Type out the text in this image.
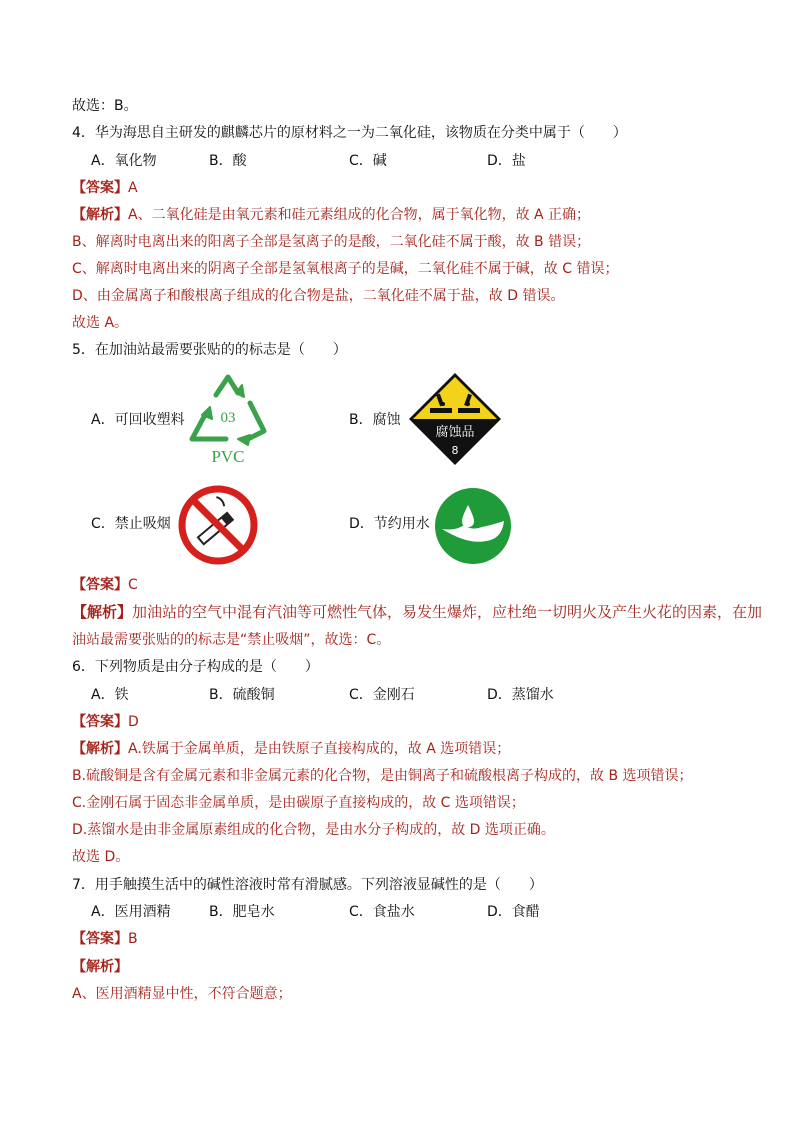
故选：B。
4．华为海思自主研发的麒麟芯片的原材料之一为二氧化硅，该物质在分类中属于（　　）
A．氧化物	B．酸	C．碱	D．盐
【答案】A
【解析】A、二氧化硅是由氧元素和硅元素组成的化合物，属于氧化物，故 A 正确；
B、解离时电离出来的阳离子全部是氢离子的是酸，二氧化硅不属于酸，故 B 错误；
C、解离时电离出来的阴离子全部是氢氧根离子的是碱，二氧化硅不属于碱，故 C 错误；
D、由金属离子和酸根离子组成的化合物是盐，二氧化硅不属于盐，故 D 错误。
故选 A。
5．在加油站最需要张贴的的标志是（　　）
A．可回收塑料 03
PVC
B．腐蚀
腐蚀品
8
C．禁止吸烟	D．节约用水
【答案】C
【解析】加油站的空气中混有汽油等可燃性气体，易发生爆炸，应杜绝一切明火及产生火花的因素，在加
油站最需要张贴的的标志是“禁止吸烟”，故选：C。
6．下列物质是由分子构成的是（　　）
A．铁	B．硫酸铜	C．金刚石	D．蒸馏水
【答案】D
【解析】A.铁属于金属单质，是由铁原子直接构成的，故 A 选项错误；
B.硫酸铜是含有金属元素和非金属元素的化合物，是由铜离子和硫酸根离子构成的，故 B 选项错误；
C.金刚石属于固态非金属单质，是由碳原子直接构成的，故 C 选项错误；
D.蒸馏水是由非金属原素组成的化合物，是由水分子构成的，故 D 选项正确。
故选 D。
7．用手触摸生活中的碱性溶液时常有滑腻感。下列溶液显碱性的是（　　）
A．医用酒精	B．肥皂水	C．食盐水	D．食醋
【答案】B
【解析】
A、医用酒精显中性，不符合题意；
